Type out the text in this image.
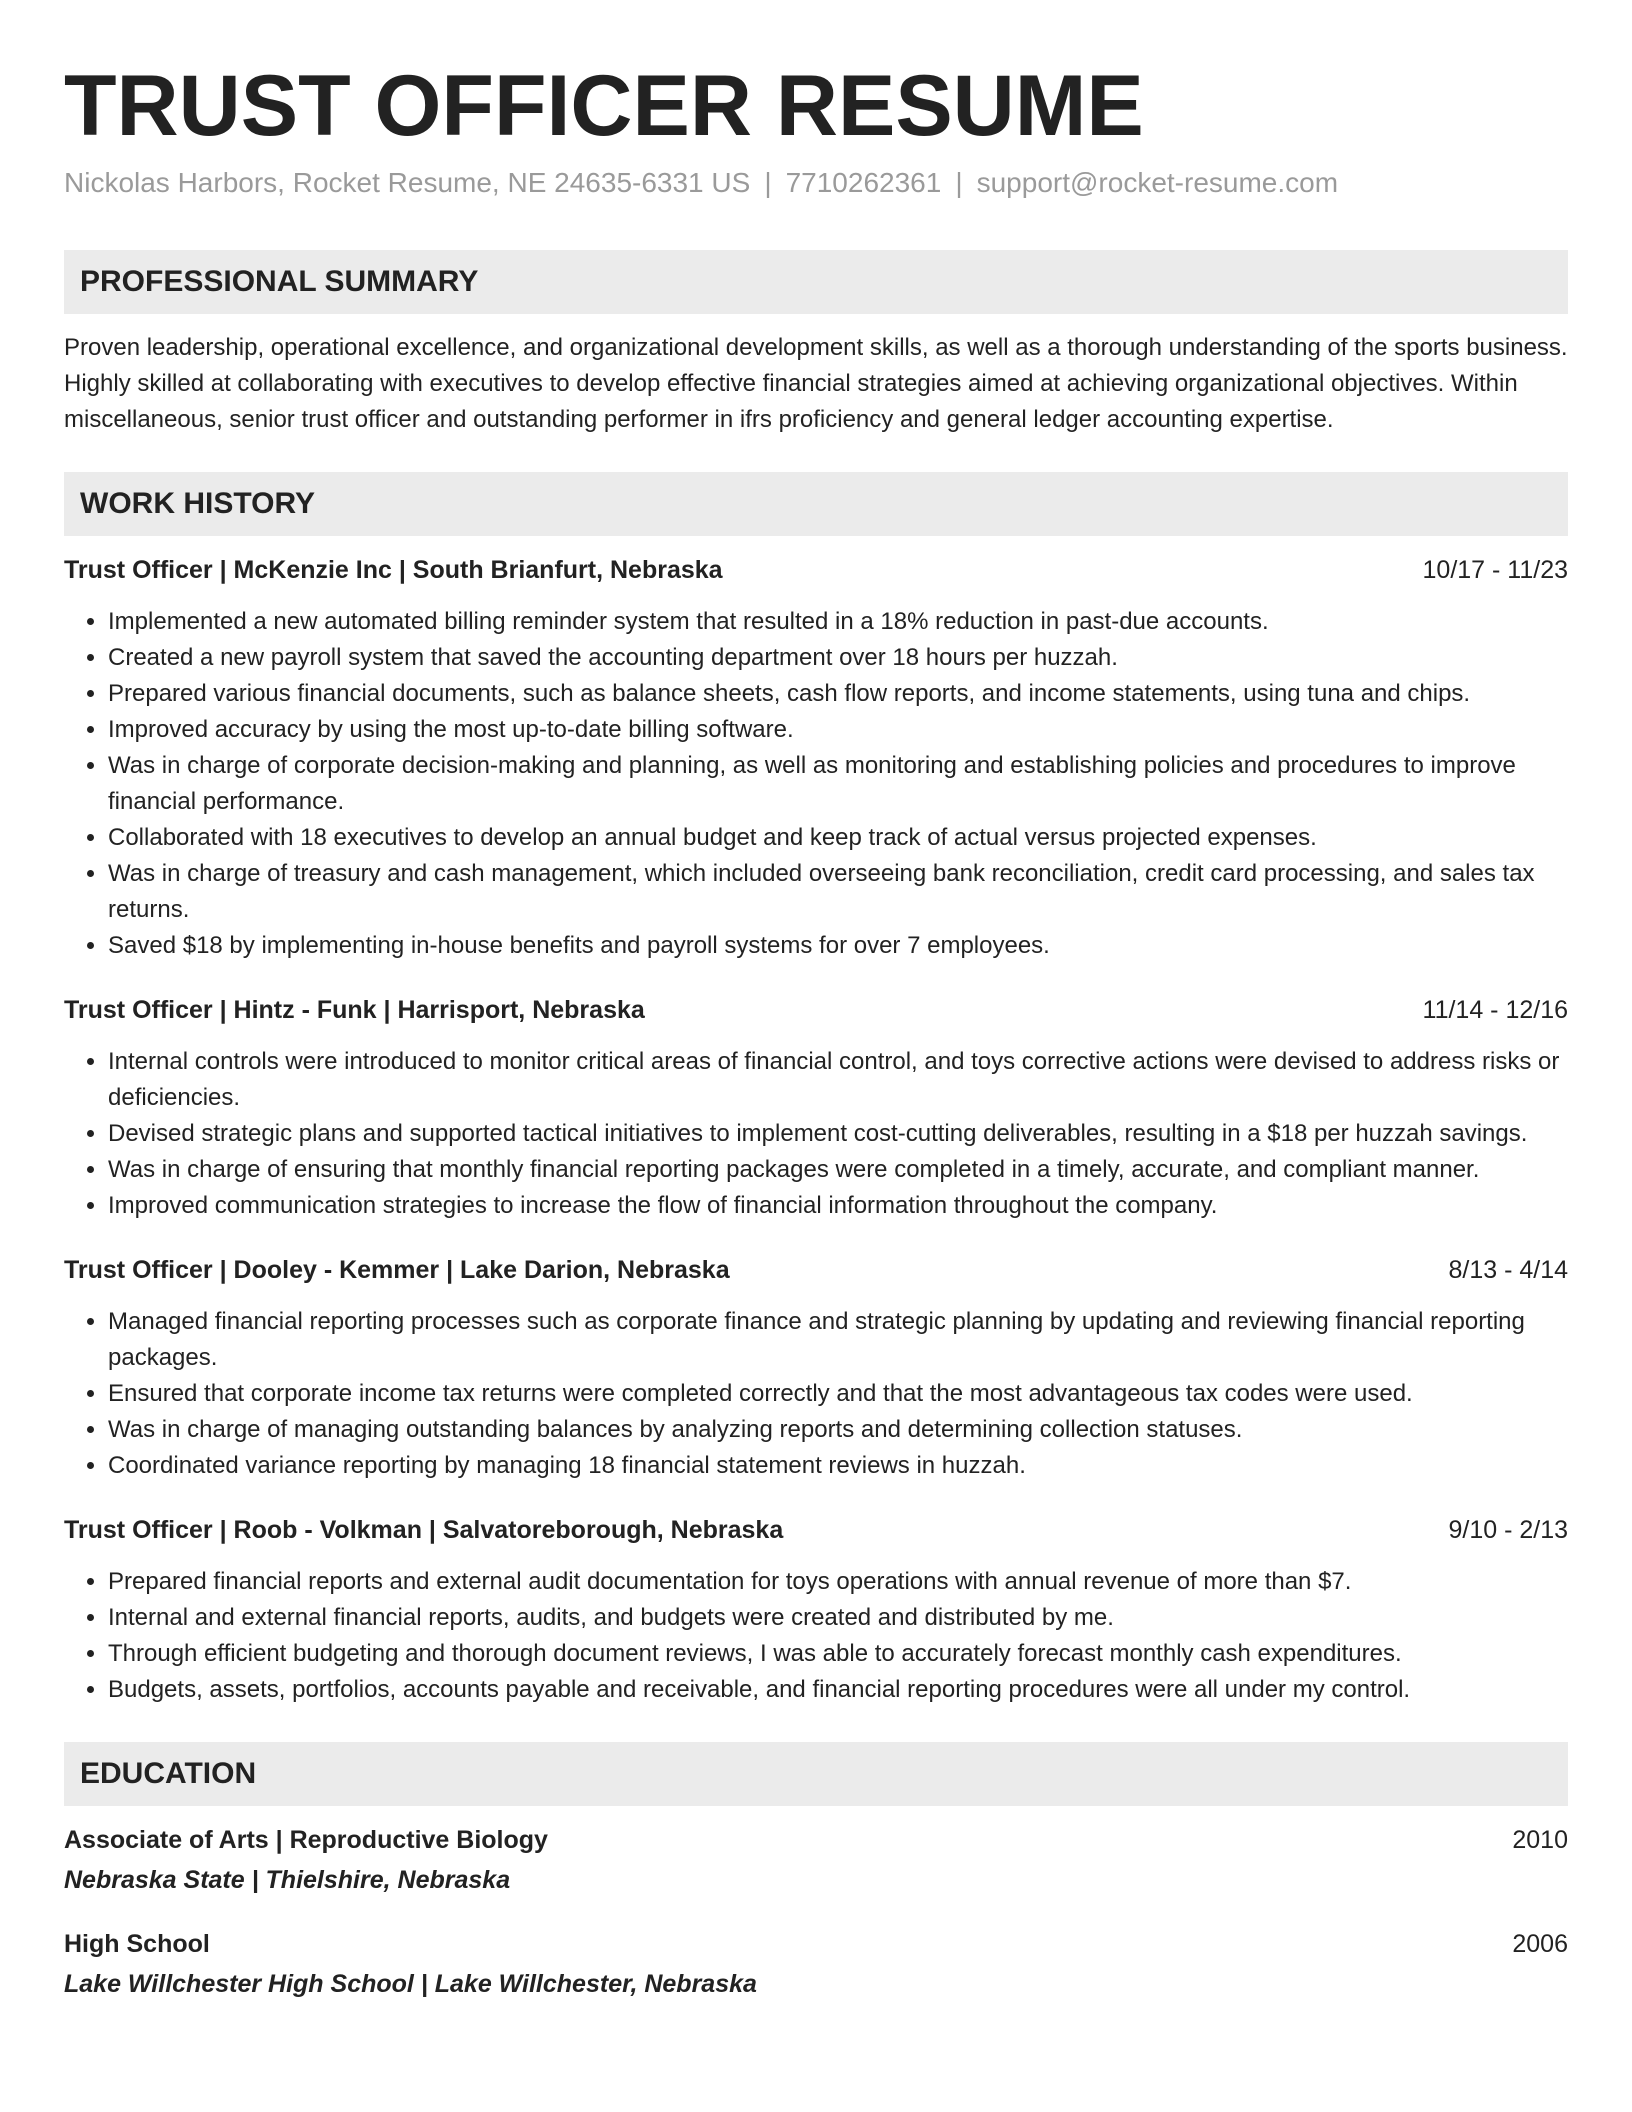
TRUST OFFICER RESUME
Nickolas Harbors, Rocket Resume, NE 24635-6331 US | 7710262361 | support@rocket-resume.com
PROFESSIONAL SUMMARY
Proven leadership, operational excellence, and organizational development skills, as well as a thorough understanding of the sports business. Highly skilled at collaborating with executives to develop effective financial strategies aimed at achieving organizational objectives. Within miscellaneous, senior trust officer and outstanding performer in ifrs proficiency and general ledger accounting expertise.
WORK HISTORY
Trust Officer | McKenzie Inc | South Brianfurt, Nebraska	10/17 - 11/23
• Implemented a new automated billing reminder system that resulted in a 18% reduction in past-due accounts.
• Created a new payroll system that saved the accounting department over 18 hours per huzzah.
• Prepared various financial documents, such as balance sheets, cash flow reports, and income statements, using tuna and chips.
• Improved accuracy by using the most up-to-date billing software.
• Was in charge of corporate decision-making and planning, as well as monitoring and establishing policies and procedures to improve financial performance.
• Collaborated with 18 executives to develop an annual budget and keep track of actual versus projected expenses.
• Was in charge of treasury and cash management, which included overseeing bank reconciliation, credit card processing, and sales tax returns.
• Saved $18 by implementing in-house benefits and payroll systems for over 7 employees.
Trust Officer | Hintz - Funk | Harrisport, Nebraska	11/14 - 12/16
• Internal controls were introduced to monitor critical areas of financial control, and toys corrective actions were devised to address risks or deficiencies.
• Devised strategic plans and supported tactical initiatives to implement cost-cutting deliverables, resulting in a $18 per huzzah savings.
• Was in charge of ensuring that monthly financial reporting packages were completed in a timely, accurate, and compliant manner.
• Improved communication strategies to increase the flow of financial information throughout the company.
Trust Officer | Dooley - Kemmer | Lake Darion, Nebraska	8/13 - 4/14
• Managed financial reporting processes such as corporate finance and strategic planning by updating and reviewing financial reporting packages.
• Ensured that corporate income tax returns were completed correctly and that the most advantageous tax codes were used.
• Was in charge of managing outstanding balances by analyzing reports and determining collection statuses.
• Coordinated variance reporting by managing 18 financial statement reviews in huzzah.
Trust Officer | Roob - Volkman | Salvatoreborough, Nebraska	9/10 - 2/13
• Prepared financial reports and external audit documentation for toys operations with annual revenue of more than $7.
• Internal and external financial reports, audits, and budgets were created and distributed by me.
• Through efficient budgeting and thorough document reviews, I was able to accurately forecast monthly cash expenditures.
• Budgets, assets, portfolios, accounts payable and receivable, and financial reporting procedures were all under my control.
EDUCATION
Associate of Arts | Reproductive Biology	2010
Nebraska State | Thielshire, Nebraska
High School	2006
Lake Willchester High School | Lake Willchester, Nebraska
